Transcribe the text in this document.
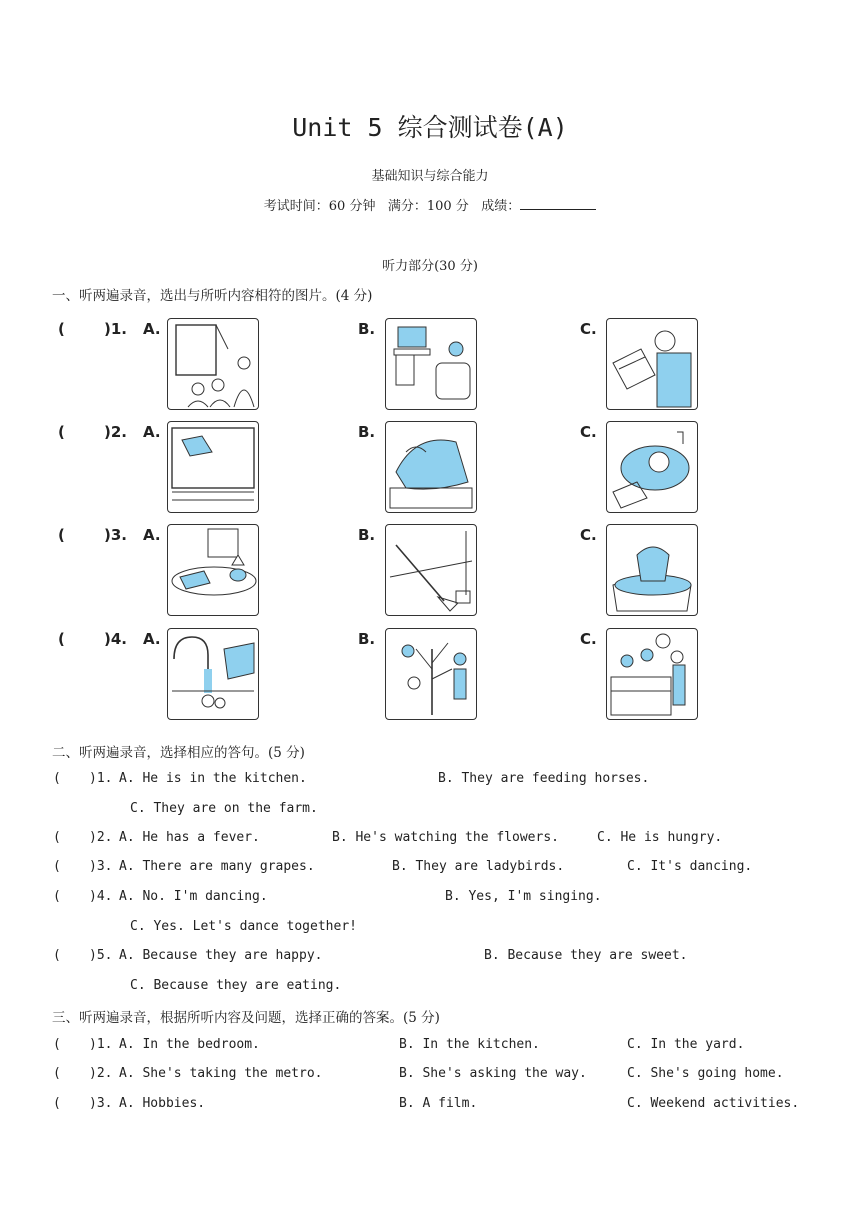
Unit 5 综合测试卷(A)
基础知识与综合能力
考试时间：60 分钟 满分：100 分 成绩：
听力部分(30 分)
一、听两遍录音，选出与所听内容相符的图片。(4 分)
(	)1. A.	B.	C.
(	)2. A.	B.	C.
(	)3. A.	B.	C.
(	)4. A.	B.	C.
二、听两遍录音，选择相应的答句。(5 分)
( )1. A. He is in the kitchen.	B. They are feeding horses.
C. They are on the farm.
( )2. A. He has a fever.	B. He's watching the flowers.	C. He is hungry.
( )3. A. There are many grapes.	B. They are ladybirds.	C. It's dancing.
( )4. A. No. I'm dancing.	B. Yes, I'm singing.
C. Yes. Let's dance together!
( )5. A. Because they are happy.	B. Because they are sweet.
C. Because they are eating.
三、听两遍录音，根据所听内容及问题，选择正确的答案。(5 分)
( )1. A. In the bedroom.	B. In the kitchen.	C. In the yard.
( )2. A. She's taking the metro.	B. She's asking the way.	C. She's going home.
( )3. A. Hobbies.	B. A film.	C. Weekend activities.
